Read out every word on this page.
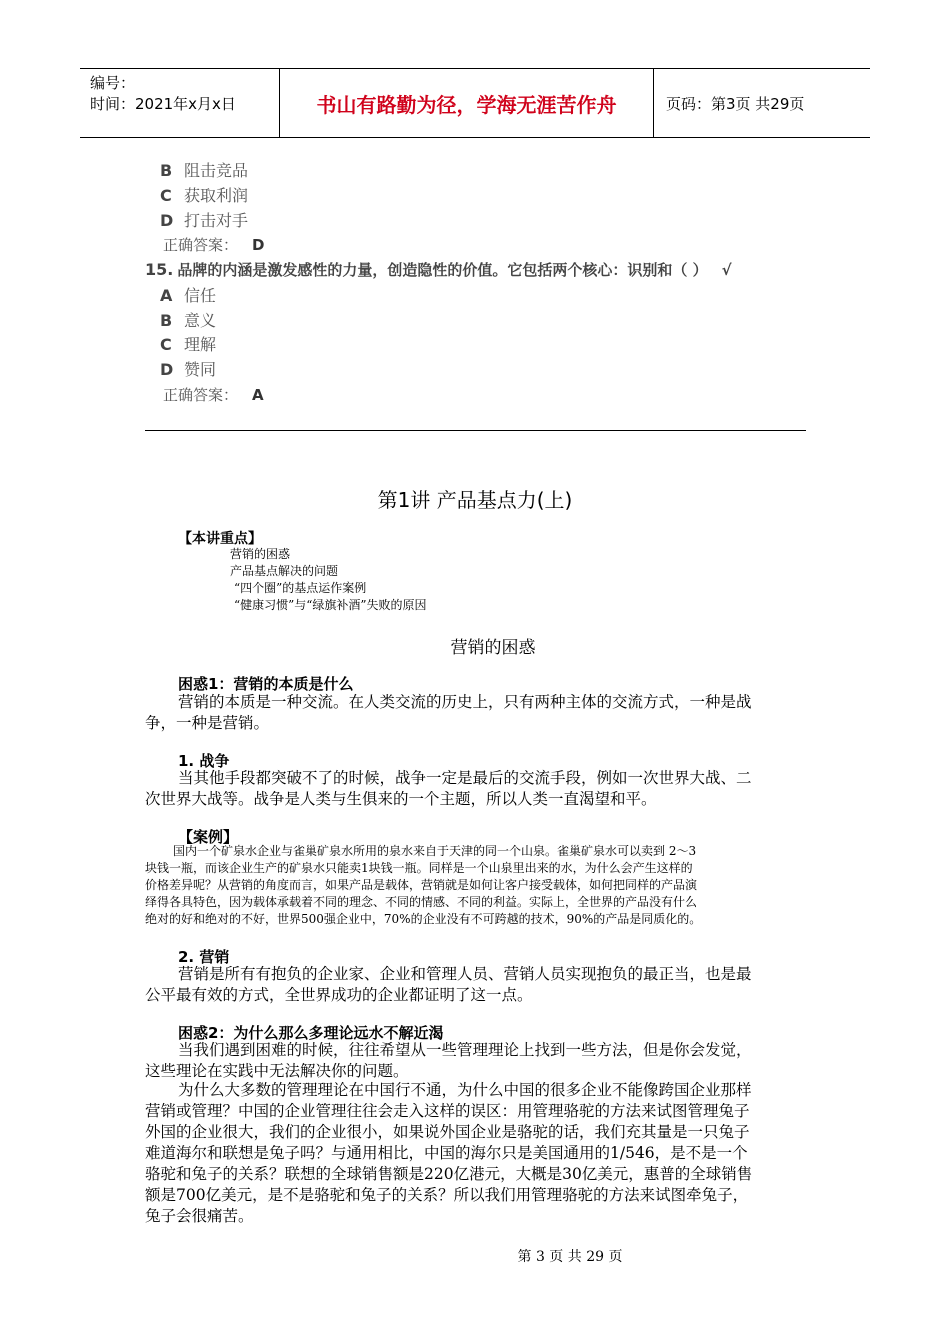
编号：
时间：2021年x月x日	书山有路勤为径，学海无涯苦作舟	页码：第3页 共29页
B 阻击竞品
C 获取利润
D 打击对手
正确答案： D
15. 品牌的内涵是激发感性的力量，创造隐性的价值。它包括两个核心：识别和（ ） √
A 信任
B 意义
C 理解
D 赞同
正确答案： A
第1讲 产品基点力(上)
【本讲重点】
营销的困惑
产品基点解决的问题
“四个圈”的基点运作案例
“健康习惯”与“绿旗补酒”失败的原因
营销的困惑
困惑1：营销的本质是什么
营销的本质是一种交流。在人类交流的历史上，只有两种主体的交流方式，一种是战
争，一种是营销。
1. 战争
当其他手段都突破不了的时候，战争一定是最后的交流手段，例如一次世界大战、二
次世界大战等。战争是人类与生俱来的一个主题，所以人类一直渴望和平。
【案例】
国内一个矿泉水企业与雀巢矿泉水所用的泉水来自于天津的同一个山泉。雀巢矿泉水可以卖到 2～3
块钱一瓶，而该企业生产的矿泉水只能卖1块钱一瓶。同样是一个山泉里出来的水，为什么会产生这样的
价格差异呢？从营销的角度而言，如果产品是载体，营销就是如何让客户接受载体，如何把同样的产品演
绎得各具特色，因为载体承载着不同的理念、不同的情感、不同的利益。实际上，全世界的产品没有什么
绝对的好和绝对的不好，世界500强企业中，70%的企业没有不可跨越的技术，90%的产品是同质化的。
2. 营销
营销是所有有抱负的企业家、企业和管理人员、营销人员实现抱负的最正当，也是最
公平最有效的方式，全世界成功的企业都证明了这一点。
困惑2：为什么那么多理论远水不解近渴
当我们遇到困难的时候，往往希望从一些管理理论上找到一些方法，但是你会发觉，
这些理论在实践中无法解决你的问题。
为什么大多数的管理理论在中国行不通，为什么中国的很多企业不能像跨国企业那样
营销或管理？中国的企业管理往往会走入这样的误区：用管理骆驼的方法来试图管理兔子
外国的企业很大，我们的企业很小，如果说外国企业是骆驼的话，我们充其量是一只兔子
难道海尔和联想是兔子吗？与通用相比，中国的海尔只是美国通用的1/546，是不是一个
骆驼和兔子的关系？联想的全球销售额是220亿港元，大概是30亿美元，惠普的全球销售
额是700亿美元，是不是骆驼和兔子的关系？所以我们用管理骆驼的方法来试图牵兔子，
兔子会很痛苦。
第 3 页 共 29 页
